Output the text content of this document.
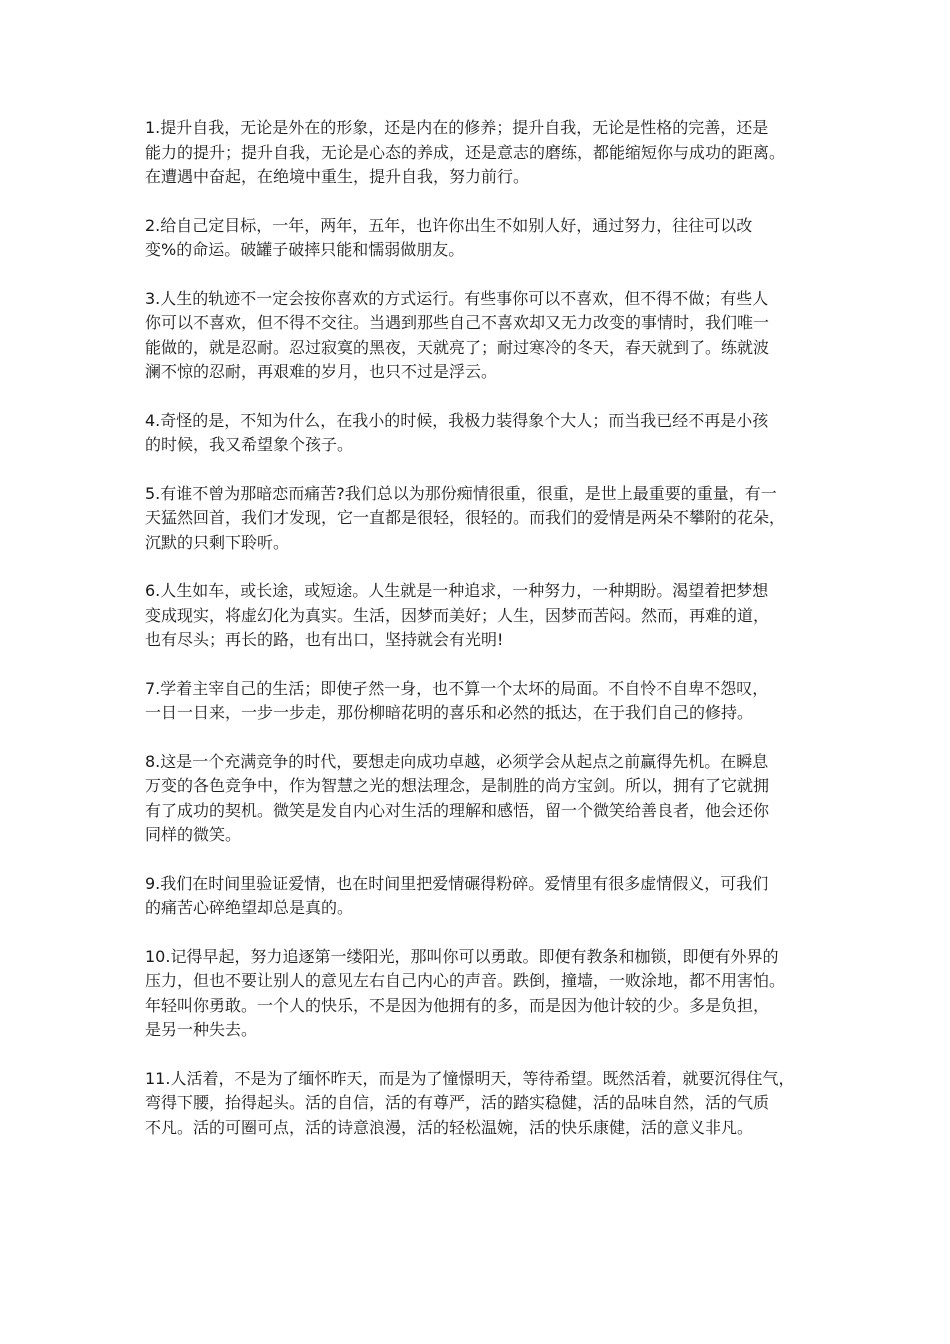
1.提升自我，无论是外在的形象，还是内在的修养；提升自我，无论是性格的完善，还是
能力的提升；提升自我，无论是心态的养成，还是意志的磨练，都能缩短你与成功的距离。
在遭遇中奋起，在绝境中重生，提升自我，努力前行。
2.给自己定目标，一年，两年，五年，也许你出生不如别人好，通过努力，往往可以改
变%的命运。破罐子破摔只能和懦弱做朋友。
3.人生的轨迹不一定会按你喜欢的方式运行。有些事你可以不喜欢，但不得不做；有些人
你可以不喜欢，但不得不交往。当遇到那些自己不喜欢却又无力改变的事情时，我们唯一
能做的，就是忍耐。忍过寂寞的黑夜，天就亮了；耐过寒冷的冬天，春天就到了。练就波
澜不惊的忍耐，再艰难的岁月，也只不过是浮云。
4.奇怪的是，不知为什么，在我小的时候，我极力装得象个大人；而当我已经不再是小孩
的时候，我又希望象个孩子。
5.有谁不曾为那暗恋而痛苦?我们总以为那份痴情很重，很重，是世上最重要的重量，有一
天猛然回首，我们才发现，它一直都是很轻，很轻的。而我们的爱情是两朵不攀附的花朵，
沉默的只剩下聆听。
6.人生如车，或长途，或短途。人生就是一种追求，一种努力，一种期盼。渴望着把梦想
变成现实，将虚幻化为真实。生活，因梦而美好；人生，因梦而苦闷。然而，再难的道，
也有尽头；再长的路，也有出口，坚持就会有光明!
7.学着主宰自己的生活；即使孑然一身，也不算一个太坏的局面。不自怜不自卑不怨叹，
一日一日来，一步一步走，那份柳暗花明的喜乐和必然的抵达，在于我们自己的修持。
8.这是一个充满竞争的时代，要想走向成功卓越，必须学会从起点之前赢得先机。在瞬息
万变的各色竞争中，作为智慧之光的想法理念，是制胜的尚方宝剑。所以，拥有了它就拥
有了成功的契机。微笑是发自内心对生活的理解和感悟，留一个微笑给善良者，他会还你
同样的微笑。
9.我们在时间里验证爱情，也在时间里把爱情碾得粉碎。爱情里有很多虚情假义，可我们
的痛苦心碎绝望却总是真的。
10.记得早起，努力追逐第一缕阳光，那叫你可以勇敢。即便有教条和枷锁，即便有外界的
压力，但也不要让别人的意见左右自己内心的声音。跌倒，撞墙，一败涂地，都不用害怕。
年轻叫你勇敢。一个人的快乐，不是因为他拥有的多，而是因为他计较的少。多是负担，
是另一种失去。
11.人活着，不是为了缅怀昨天，而是为了憧憬明天，等待希望。既然活着，就要沉得住气，
弯得下腰，抬得起头。活的自信，活的有尊严，活的踏实稳健，活的品味自然，活的气质
不凡。活的可圈可点，活的诗意浪漫，活的轻松温婉，活的快乐康健，活的意义非凡。
